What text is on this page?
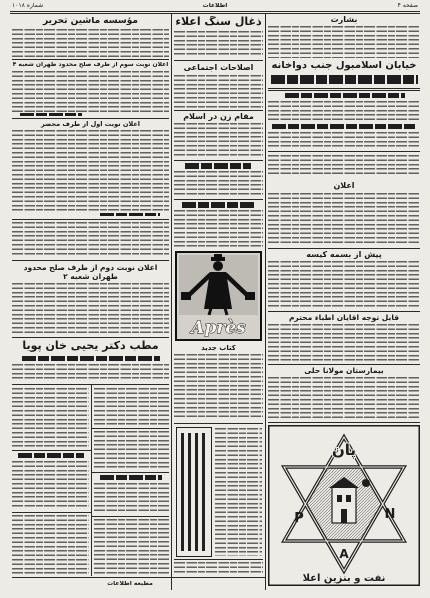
صفحه ۴
اطلاعات
شماره ۱۰۱۸
مؤسسه ماشین تحریر
اعلان نوبت سوم از طرف صلح محدود طهران شعبه ۴
اعلان نوبت اول از طرف محضر
اعلان نوبت دوم از طرف صلح محدود طهران شعبه ۲
مطب دکتر یحیی خان پویا
مطبعه اطلاعات
ذغال سنگ اعلاء
اصلاحات اجتماعی
مقام زن در اسلام
Après
کتاب جدید
بشارت
خیابان اسلامبول جنب دواخانه
اعلان
پیش از بسمه کیسه
قابل توجه آقایان اطباء محترم
بیمارستان مولانا حلی
پان
P
A
N
نفت و بنزین اعلا
